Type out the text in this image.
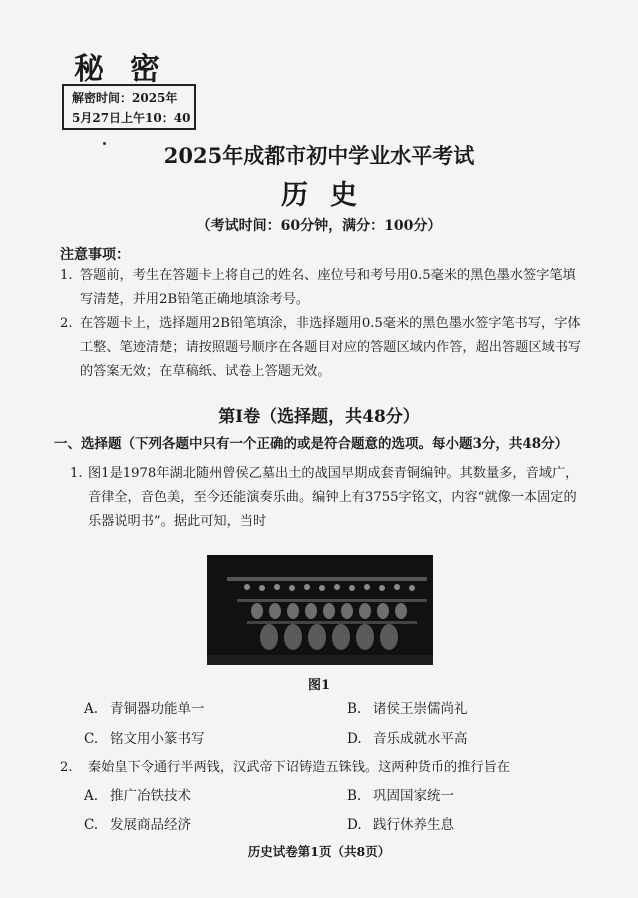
秘密
解密时间：2025年
5月27日上午10：40
2025年成都市初中学业水平考试
历史
（考试时间：60分钟，满分：100分）
注意事项：
1. 答题前，考生在答题卡上将自己的姓名、座位号和考号用0.5毫米的黑色墨水签字笔填
写清楚，并用2B铅笔正确地填涂考号。
2. 在答题卡上，选择题用2B铅笔填涂，非选择题用0.5毫米的黑色墨水签字笔书写，字体
工整、笔迹清楚；请按照题号顺序在各题目对应的答题区域内作答，超出答题区域书写
的答案无效；在草稿纸、试卷上答题无效。
第Ⅰ卷（选择题，共48分）
一、选择题（下列各题中只有一个正确的或是符合题意的选项。每小题3分，共48分）
1. 图1是1978年湖北随州曾侯乙墓出土的战国早期成套青铜编钟。其数量多，音域广，
音律全，音色美，至今还能演奏乐曲。编钟上有3755字铭文，内容“就像一本固定的
乐器说明书”。据此可知，当时
图1
A. 青铜器功能单一	B. 诸侯王崇儒尚礼
C. 铭文用小篆书写	D. 音乐成就水平高
2. 秦始皇下令通行半两钱，汉武帝下诏铸造五铢钱。这两种货币的推行旨在
A. 推广冶铁技术	B. 巩固国家统一
C. 发展商品经济	D. 践行休养生息
历史试卷第1页（共8页）
